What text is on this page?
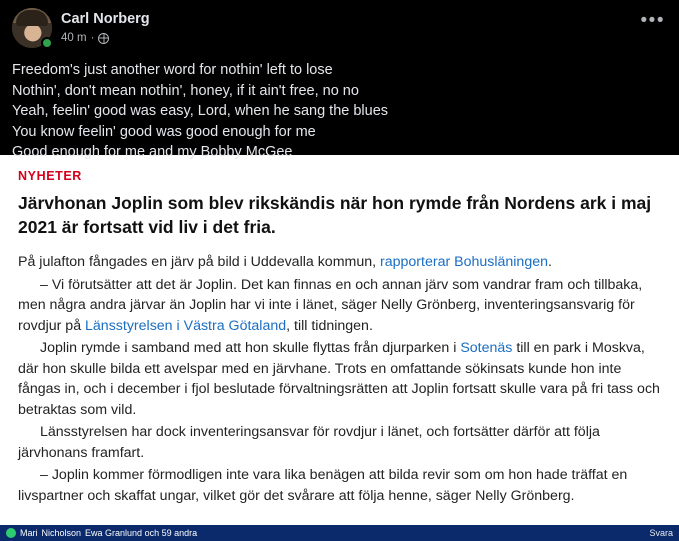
Carl Norberg
40 m ·
•••
Freedom's just another word for nothin' left to lose
Nothin', don't mean nothin', honey, if it ain't free, no no
Yeah, feelin' good was easy, Lord, when he sang the blues
You know feelin' good was good enough for me
Good enough for me and my Bobby McGee
NYHETER
Järvhonan Joplin som blev rikskändis när hon rymde från Nordens ark i maj 2021 är fortsatt vid liv i det fria.

På julafton fångades en järv på bild i Uddevalla kommun, rapporterar Bohusläningen.

– Vi förutsätter att det är Joplin. Det kan finnas en och annan järv som vandrar fram och tillbaka, men några andra järvar än Joplin har vi inte i länet, säger Nelly Grönberg, inventeringsansvarig för rovdjur på Länsstyrelsen i Västra Götaland, till tidningen.

Joplin rymde i samband med att hon skulle flyttas från djurparken i Sotenäs till en park i Moskva, där hon skulle bilda ett avelspar med en järvhane. Trots en omfattande sökinsats kunde hon inte fångas in, och i december i fjol beslutade förvaltningsrätten att Joplin fortsatt skulle vara på fri tass och betraktas som vild.

Länsstyrelsen har dock inventeringsansvar för rovdjur i länet, och fortsätter därför att följa järvhonans framfart.

– Joplin kommer förmodligen inte vara lika benägen att bilda revir som om hon hade träffat en livspartner och skaffat ungar, vilket gör det svårare att följa henne, säger Nelly Grönberg.

Mari Nicholson Ewa Granlund och 59 andra	Svara
